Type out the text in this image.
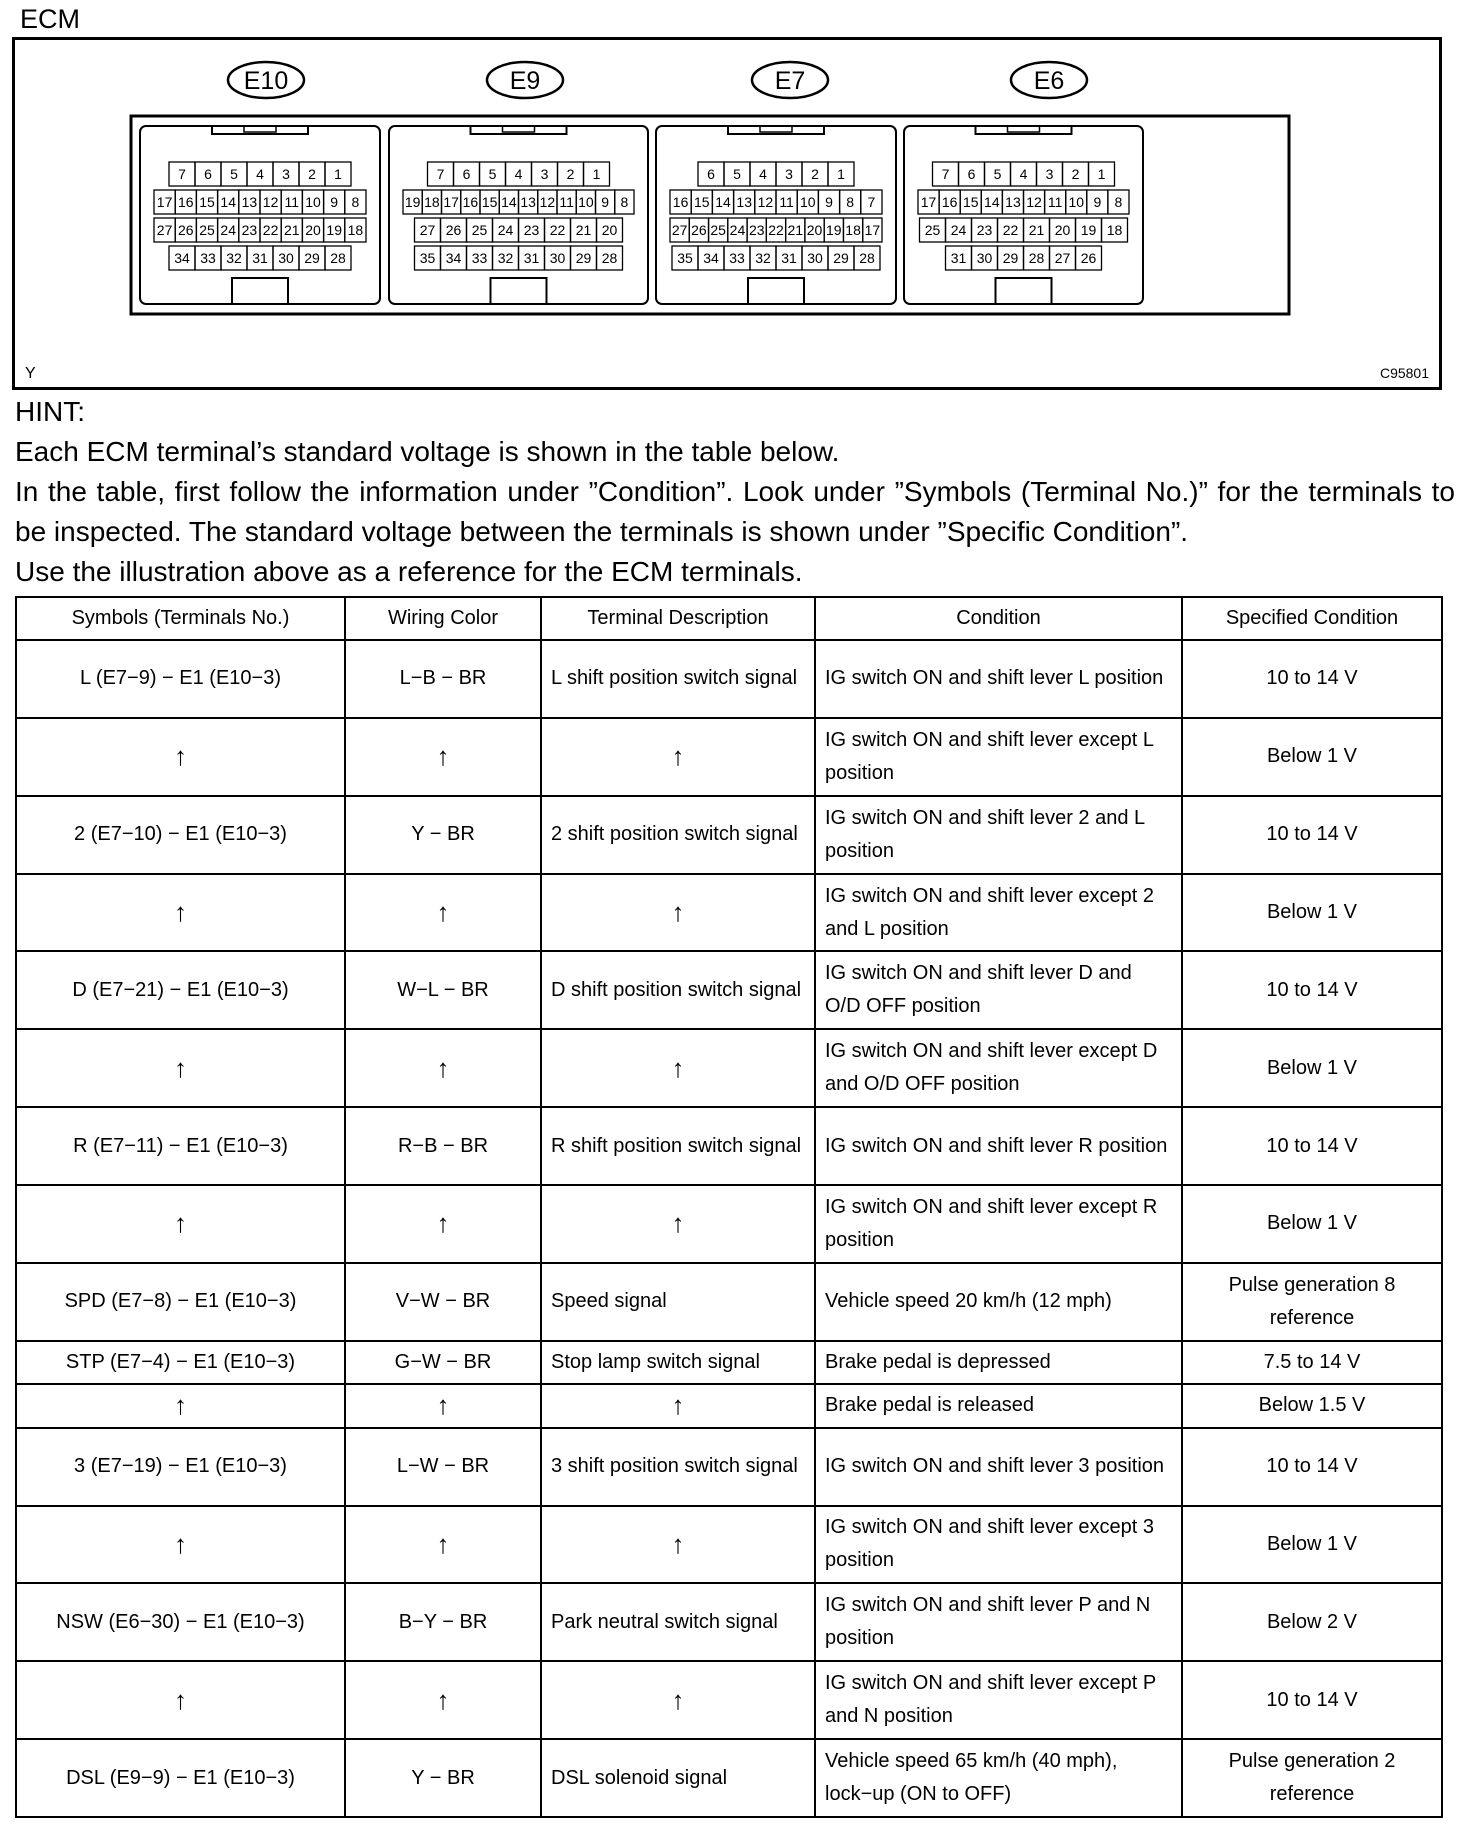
ECM
E10
7 6 5 4 3 2 1
17 16 15 14 13 12 11 10 9 8
27 26 25 24 23 22 21 20 19 18
34 33 32 31 30 29 28
E9
7 6 5 4 3 2 1
19 18 17 16 15 14 13 12 11 10 9 8
27 26 25 24 23 22 21 20
35 34 33 32 31 30 29 28
E7
6 5 4 3 2 1
16 15 14 13 12 11 10 9 8 7
27 26 25 24 23 22 21 20 19 18 17
35 34 33 32 31 30 29 28
E6
7 6 5 4 3 2 1
17 16 15 14 13 12 11 10 9 8
25 24 23 22 21 20 19 18
31 30 29 28 27 26
Y	C95801

HINT:

Each ECM terminal’s standard voltage is shown in the table below.

In the table, first follow the information under ”Condition”. Look under ”Symbols (Terminal No.)” for the terminals to be inspected. The standard voltage between the terminals is shown under ”Specific Condition”.

Use the illustration above as a reference for the ECM terminals.

Symbols (Terminals No.)	Wiring Color	Terminal Description	Condition	Specified Condition
L (E7−9) − E1 (E10−3)	L−B − BR	L shift position switch signal	IG switch ON and shift lever L position	10 to 14 V
↑	↑	↑	IG switch ON and shift lever except L position	Below 1 V
2 (E7−10) − E1 (E10−3)	Y − BR	2 shift position switch signal	IG switch ON and shift lever 2 and L position	10 to 14 V
↑	↑	↑	IG switch ON and shift lever except 2 and L position	Below 1 V
D (E7−21) − E1 (E10−3)	W−L − BR	D shift position switch signal	IG switch ON and shift lever D and O/D OFF position	10 to 14 V
↑	↑	↑	IG switch ON and shift lever except D and O/D OFF position	Below 1 V
R (E7−11) − E1 (E10−3)	R−B − BR	R shift position switch signal	IG switch ON and shift lever R position	10 to 14 V
↑	↑	↑	IG switch ON and shift lever except R position	Below 1 V
SPD (E7−8) − E1 (E10−3)	V−W − BR	Speed signal	Vehicle speed 20 km/h (12 mph)	Pulse generation 8 reference
STP (E7−4) − E1 (E10−3)	G−W − BR	Stop lamp switch signal	Brake pedal is depressed	7.5 to 14 V
↑	↑	↑	Brake pedal is released	Below 1.5 V
3 (E7−19) − E1 (E10−3)	L−W − BR	3 shift position switch signal	IG switch ON and shift lever 3 position	10 to 14 V
↑	↑	↑	IG switch ON and shift lever except 3 position	Below 1 V
NSW (E6−30) − E1 (E10−3)	B−Y − BR	Park neutral switch signal	IG switch ON and shift lever P and N position	Below 2 V
↑	↑	↑	IG switch ON and shift lever except P and N position	10 to 14 V
DSL (E9−9) − E1 (E10−3)	Y − BR	DSL solenoid signal	Vehicle speed 65 km/h (40 mph), lock−up (ON to OFF)	Pulse generation 2 reference
